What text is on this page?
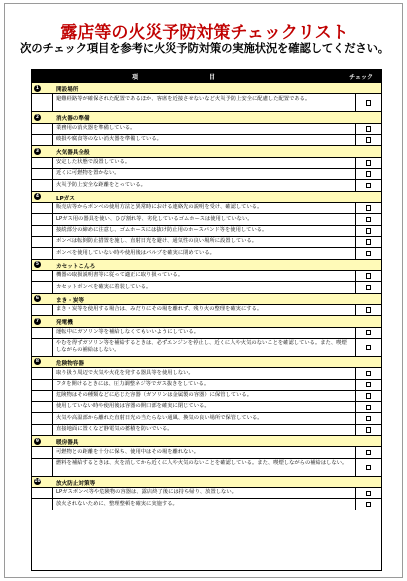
露店等の火災予防対策チェックリスト
次のチェック項目を参考に火災予防対策の実施状況を確認してください。
項	目	チェック
1	開設場所
避難経路等が確保された配置であるほか、客席を近接させないなど火災予防上安全に配慮した配置である。
2	消火器の準備
業務用の消火器を準備している。
破損や腐食等のない消火器を準備している。
3	火気器具全般
安定した状態で設置している。
近くに可燃物を置かない。
火災予防上安全な距離をとっている。
4	LPガス
販売店等からボンベの使用方法と異常時における連絡先の説明を受け、確認している。
LPガス用の器具を使い、ひび割れ等、劣化しているゴムホースは使用していない。
接続部分の締めに注意し、ゴムホースには抜け防止用のホースバンド等を使用している。
ボンベは転倒防止措置を施し、直射日光を避け、通気性の良い場所に設置している。
ボンベを使用していない時や使用後はバルブを確実に閉めている。
5	カセットこんろ
機器の取扱説明書等に従って適正に取り扱っている。
カセットボンベを確実に着装している。
6	まき・炭等
まき・炭等を使用する場合は、みだりにその場を離れず、残り火の整理を確実にする。
7	発電機
運転中にガソリン等を補給しなくてもいいようにしている。
やむを得ずガソリン等を補給するときは、必ずエンジンを停止し、近くに人や火気のないことを確認している。また、喫煙しながらの補給はしない。
8	危険物容器
取り扱う周辺で火気や火花を発する器具等を使用しない。
フタを開けるときには、圧力調整ネジ等でガス抜きをしている。
危険物はその種類などに応じた容器（ガソリンは金属製の容器）に保管している。
使用していない時や使用後は容器の開口部を確実に閉じている。
火気や高温部から離れた直射日光の当たらない通風、換気の良い場所で保管している。
直接地面に置くなど静電気の蓄積を防いでいる。
9	暖房器具
可燃物との距離を十分に保ち、使用中はその場を離れない。
燃料を補給するときは、火を消してから近くに人や火気のないことを確認している。また、喫煙しながらの補給はしない。
10	放火防止対策等
LPガスボンベ等や危険物の容器は、露店終了後には持ち帰り、放置しない。
放火されないために、整理整頓を確実に実施する。
